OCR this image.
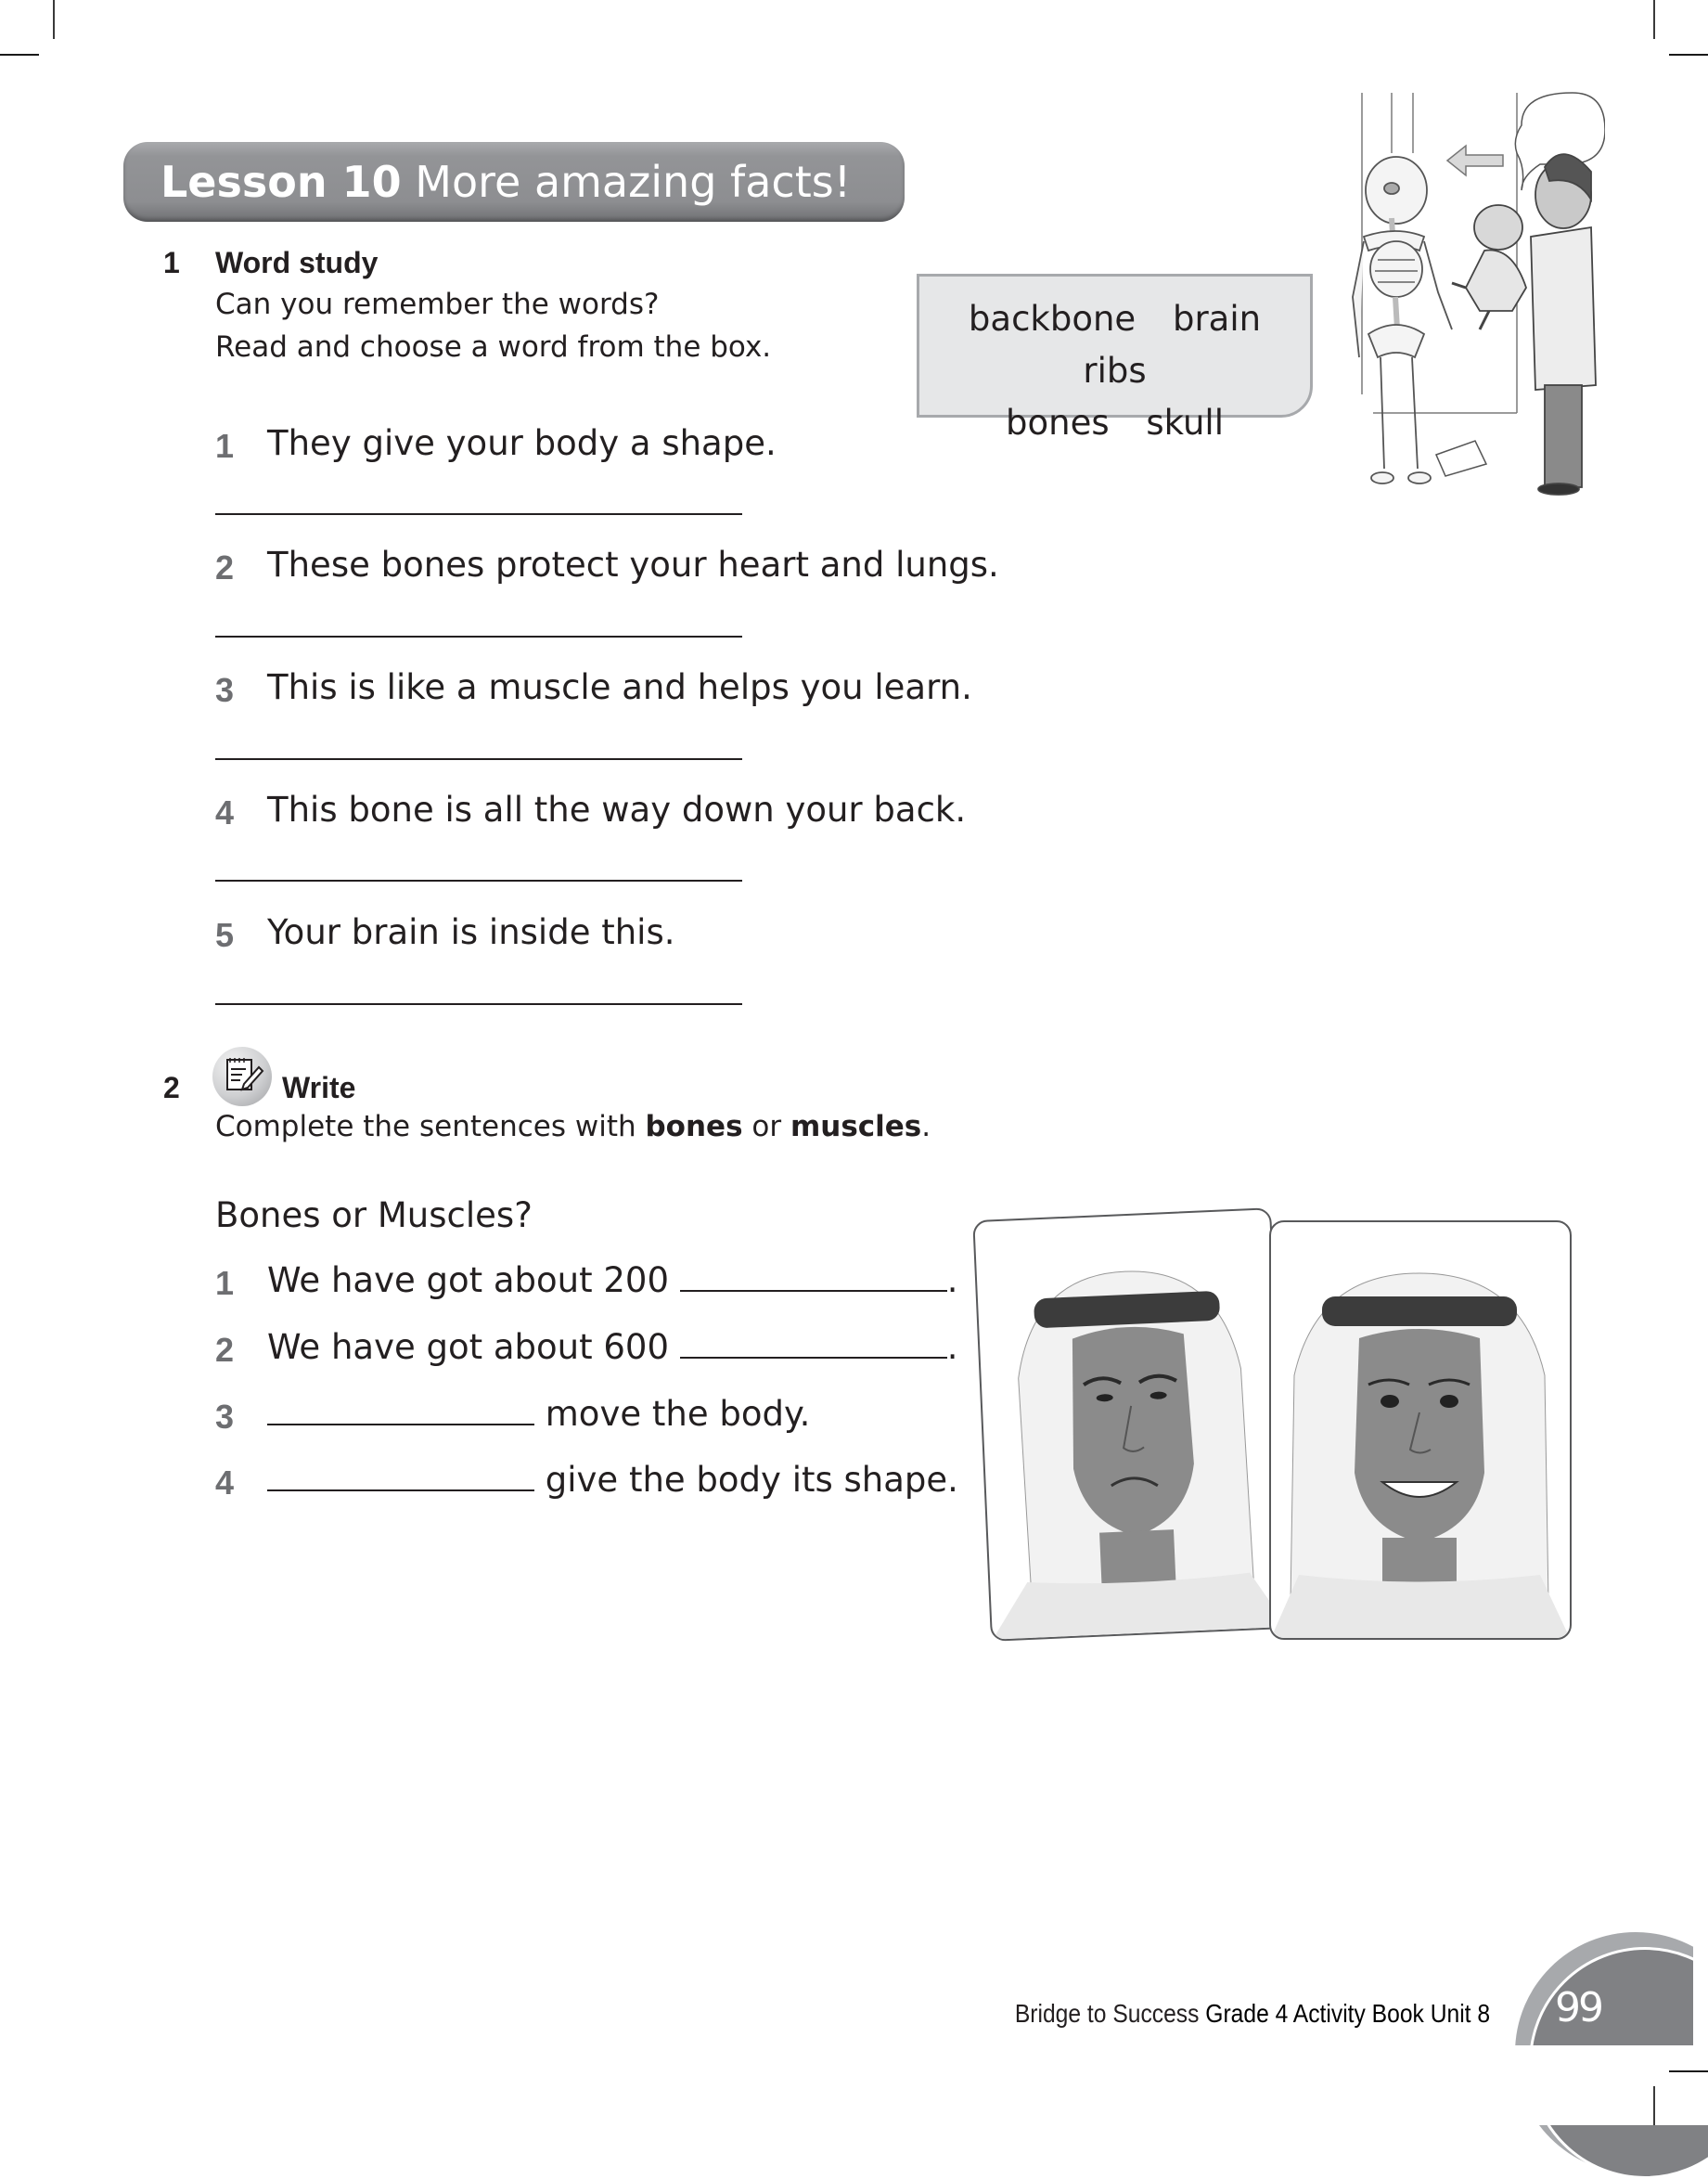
Lesson 10 More amazing facts!
1 Word study
Can you remember the words?
Read and choose a word from the box.
backbone brain ribs
bones skull
1 They give your body a shape.
2 These bones protect your heart and lungs.
3 This is like a muscle and helps you learn.
4 This bone is all the way down your back.
5 Your brain is inside this.
2	Write
Complete the sentences with bones or muscles.
Bones or Muscles?
1 We have got about 200	.
2 We have got about 600	.
3	move the body.
4	give the body its shape.
Bridge to Success Grade 4 Activity Book Unit 8 99
